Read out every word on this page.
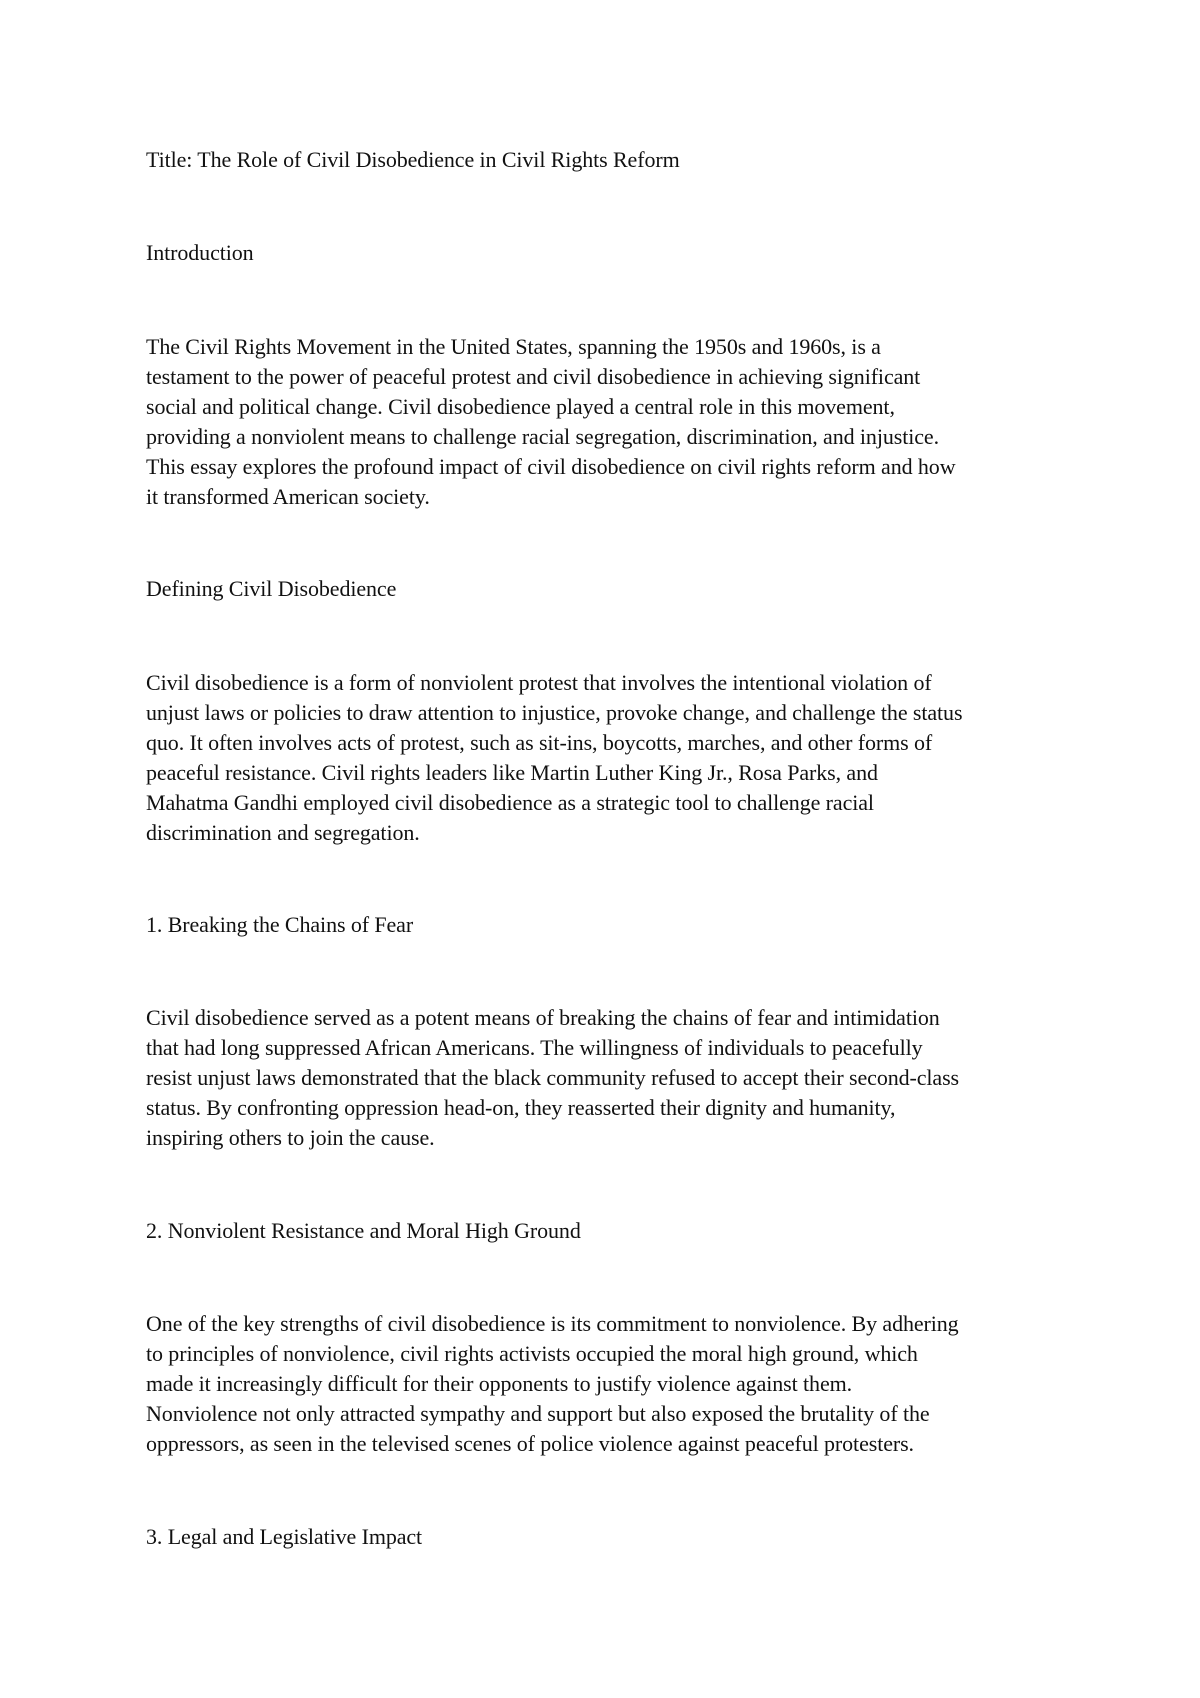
Title: The Role of Civil Disobedience in Civil Rights Reform
Introduction
The Civil Rights Movement in the United States, spanning the 1950s and 1960s, is a
testament to the power of peaceful protest and civil disobedience in achieving significant
social and political change. Civil disobedience played a central role in this movement,
providing a nonviolent means to challenge racial segregation, discrimination, and injustice.
This essay explores the profound impact of civil disobedience on civil rights reform and how
it transformed American society.
Defining Civil Disobedience
Civil disobedience is a form of nonviolent protest that involves the intentional violation of
unjust laws or policies to draw attention to injustice, provoke change, and challenge the status
quo. It often involves acts of protest, such as sit-ins, boycotts, marches, and other forms of
peaceful resistance. Civil rights leaders like Martin Luther King Jr., Rosa Parks, and
Mahatma Gandhi employed civil disobedience as a strategic tool to challenge racial
discrimination and segregation.
1. Breaking the Chains of Fear
Civil disobedience served as a potent means of breaking the chains of fear and intimidation
that had long suppressed African Americans. The willingness of individuals to peacefully
resist unjust laws demonstrated that the black community refused to accept their second-class
status. By confronting oppression head-on, they reasserted their dignity and humanity,
inspiring others to join the cause.
2. Nonviolent Resistance and Moral High Ground
One of the key strengths of civil disobedience is its commitment to nonviolence. By adhering
to principles of nonviolence, civil rights activists occupied the moral high ground, which
made it increasingly difficult for their opponents to justify violence against them.
Nonviolence not only attracted sympathy and support but also exposed the brutality of the
oppressors, as seen in the televised scenes of police violence against peaceful protesters.
3. Legal and Legislative Impact
